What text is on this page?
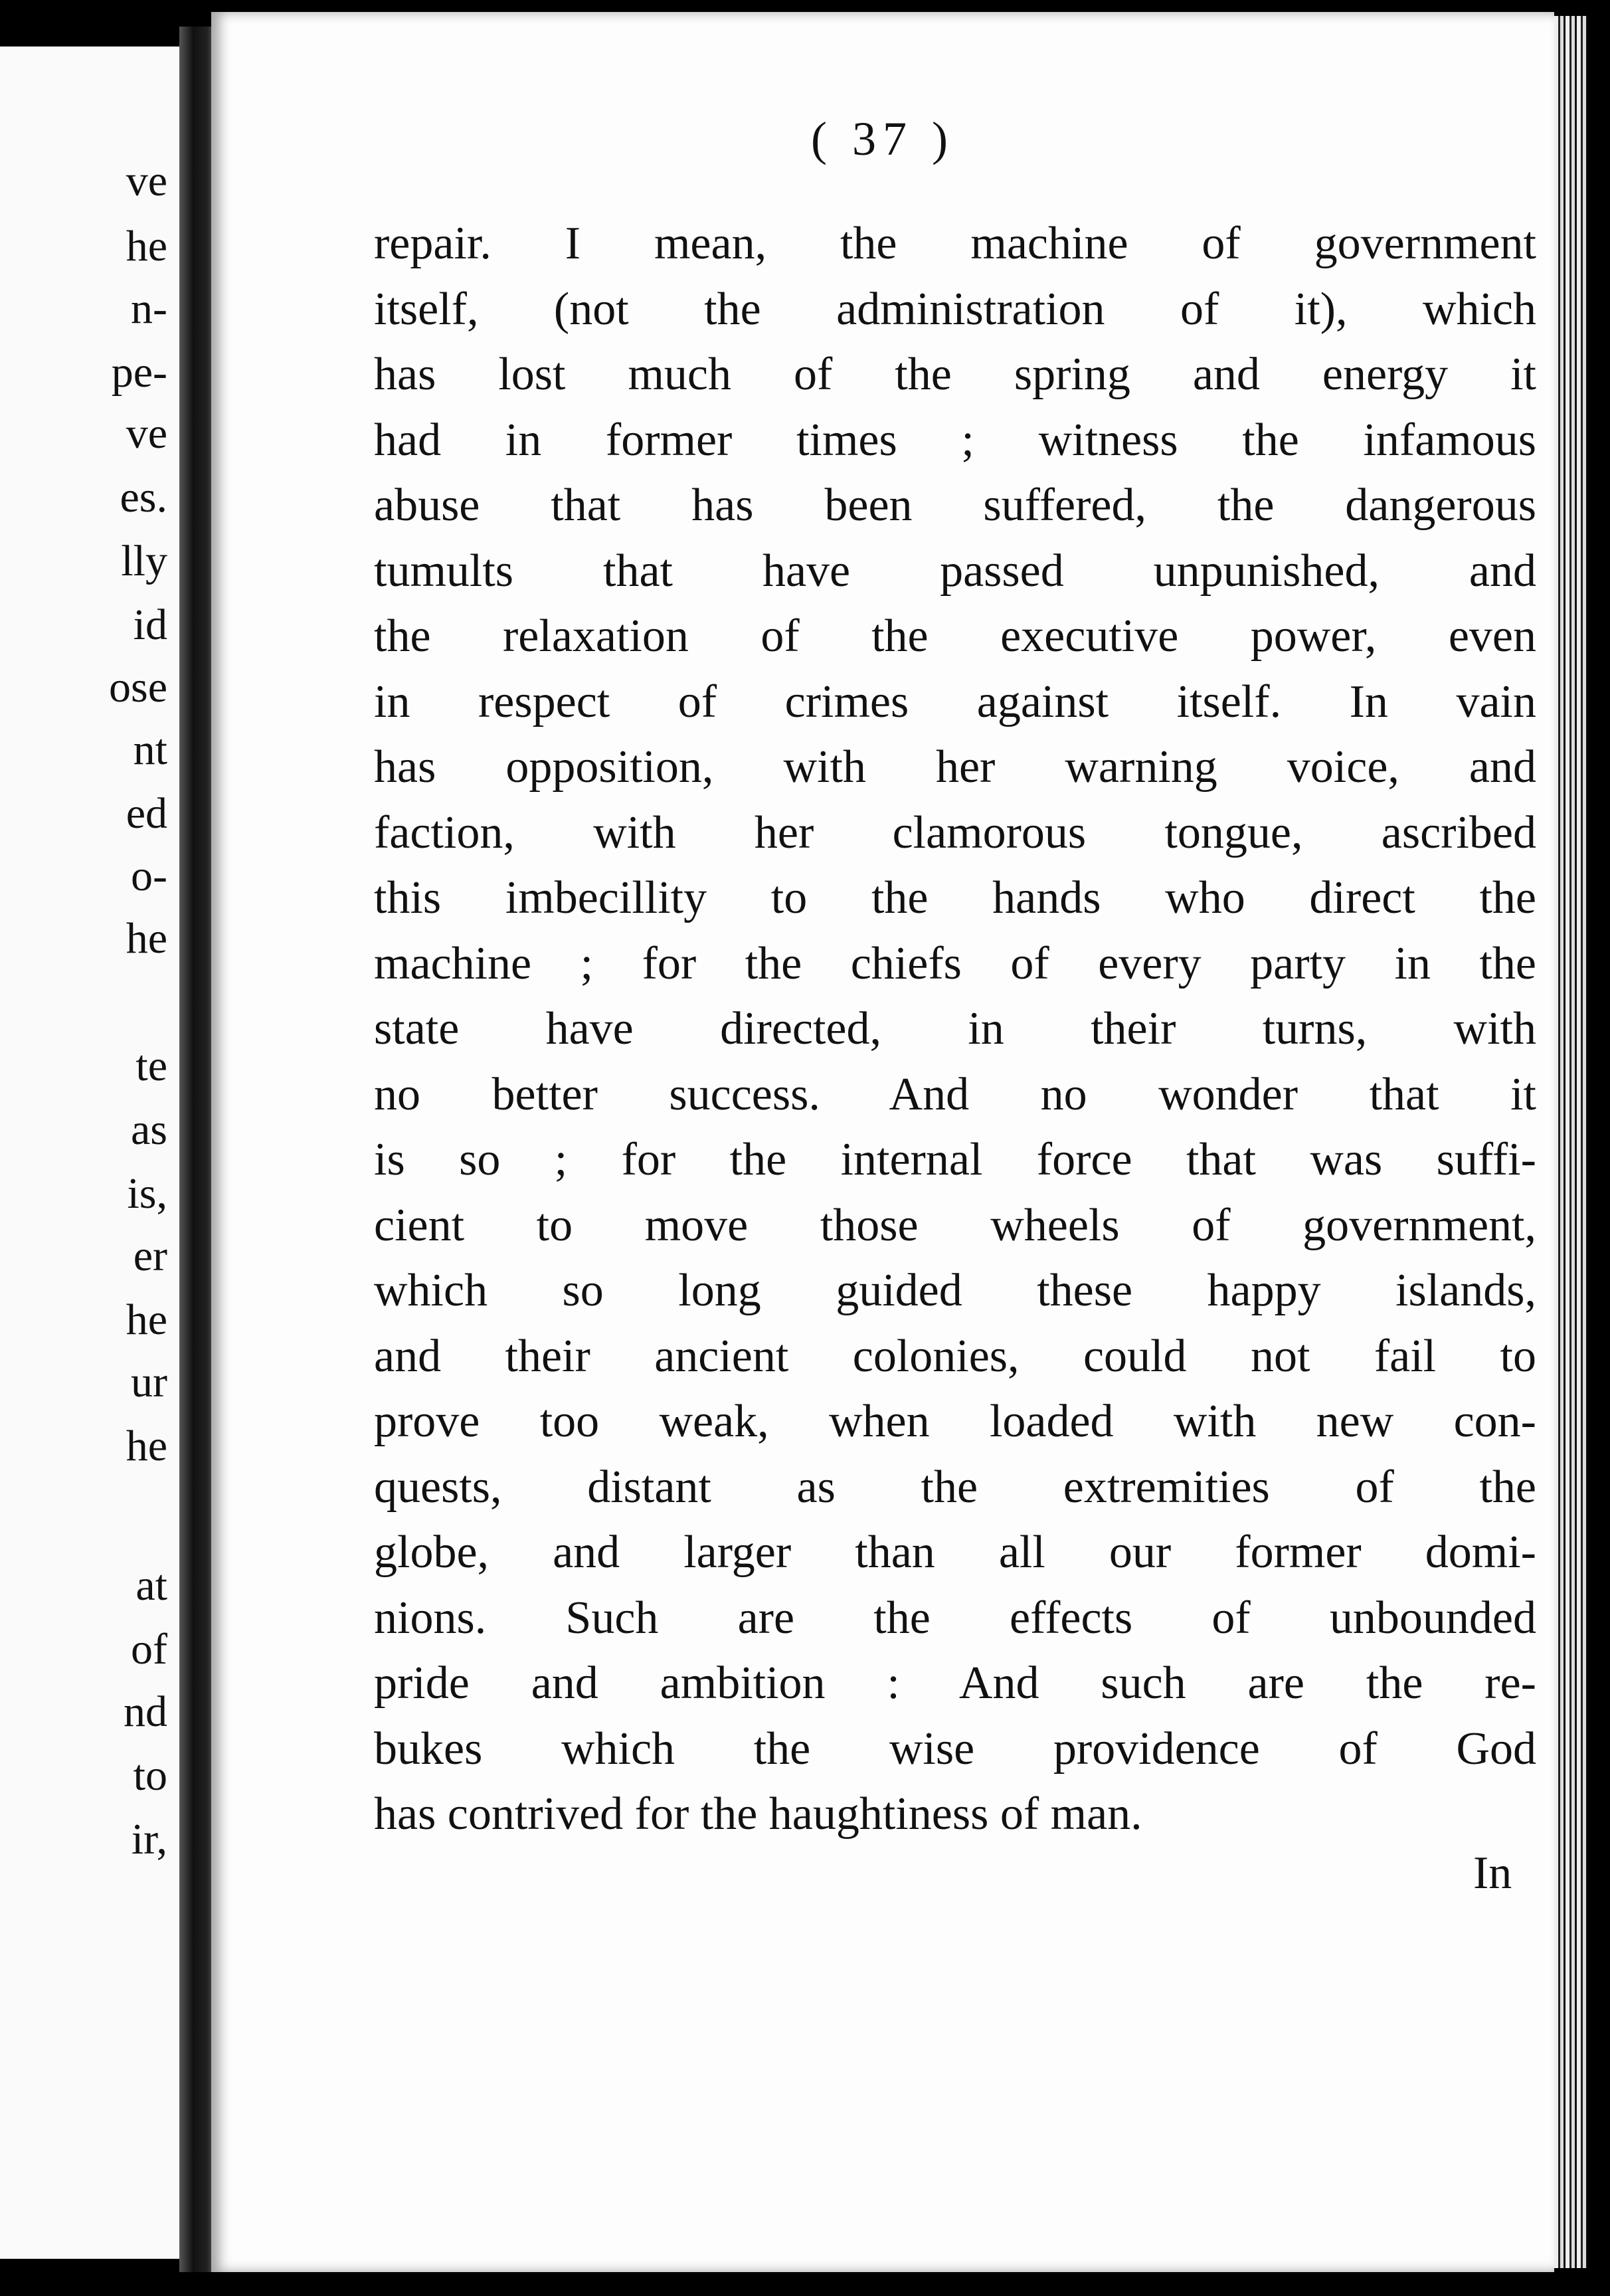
ve
he
n-
pe-
ve
es.
lly
id
ose
nt
ed
o-
he
te
as
is,
er
he
ur
he
at
of
nd
to
ir,
( 37 )
repair. I mean, the machine of government
itself, (not the administration of it), which
has lost much of the spring and energy it
had in former times ; witness the infamous
abuse that has been suffered, the dangerous
tumults that have passed unpunished, and
the relaxation of the executive power, even
in respect of crimes against itself. In vain
has opposition, with her warning voice, and
faction, with her clamorous tongue, ascribed
this imbecillity to the hands who direct the
machine ; for the chiefs of every party in the
state have directed, in their turns, with
no better success. And no wonder that it
is so ; for the internal force that was suffi-
cient to move those wheels of government,
which so long guided these happy islands,
and their ancient colonies, could not fail to
prove too weak, when loaded with new con-
quests, distant as the extremities of the
globe, and larger than all our former domi-
nions. Such are the effects of unbounded
pride and ambition : And such are the re-
bukes which the wise providence of God
has contrived for the haughtiness of man.
In
